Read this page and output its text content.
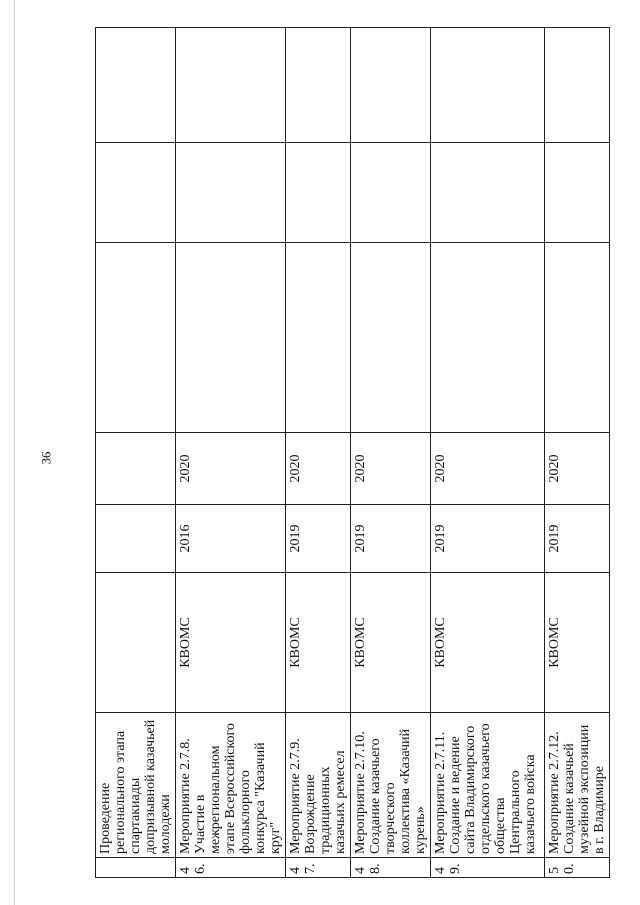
36
	Проведение регионального этапа спартакиады допризывной казачьей молодежи						
46.	Мероприятие 2.7.8. Участие в межрегиональном этапе Всероссийского фольклорного конкурса "Казачий круг"	КВОМС	2016	2020			
47.	Мероприятие 2.7.9. Возрождение традиционных казачьих ремесел	КВОМС	2019	2020			
48.	Мероприятие 2.7.10. Создание казачьего творческого коллектива «Казачий курень»	КВОМС	2019	2020			
49.	Мероприятие 2.7.11. Создание и ведение сайта Владимирского отдельского казачьего общества Центрального казачьего войска	КВОМС	2019	2020			
50.	Мероприятие 2.7.12. Создание казачьей музейной экспозиции в г. Владимире	КВОМС	2019	2020			
